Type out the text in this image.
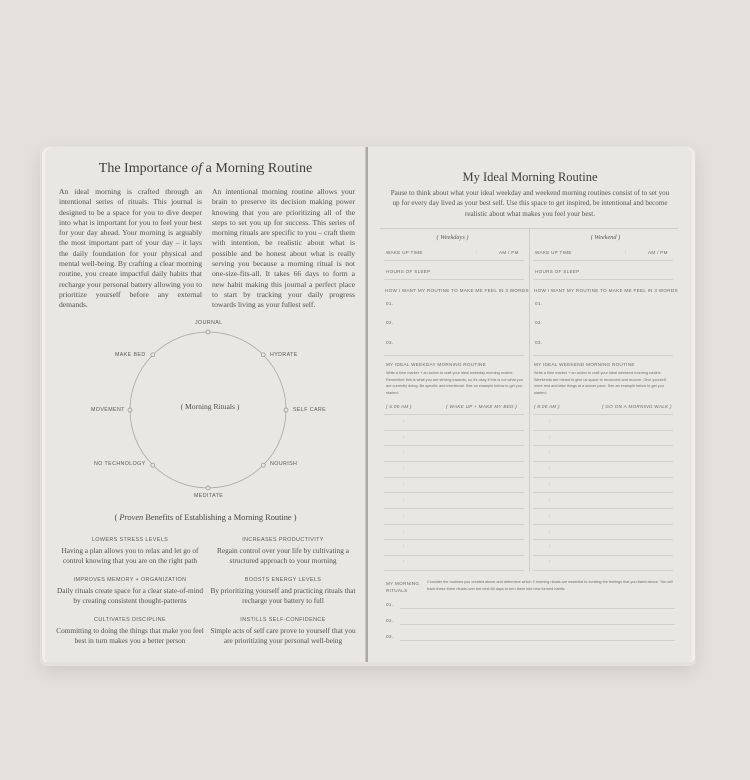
The Importance of a Morning Routine
An ideal morning is crafted through an intentional series of rituals. This journal is designed to be a space for you to dive deeper into what is important for you to feel your best for your day ahead. Your morning is arguably the most important part of your day – it lays the daily foundation for your physical and mental well-being. By crafting a clear morning routine, you create impactful daily habits that recharge your personal battery allowing you to prioritize yourself before any external demands.
An intentional morning routine allows your brain to preserve its decision making power knowing that you are prioritizing all of the steps to set you up for success. This series of morning rituals are specific to you – craft them with intention, be realistic about what is possible and be honest about what is really serving you because a morning ritual is not one-size-fits-all. It takes 66 days to form a new habit making this journal a perfect place to start by tracking your daily progress towards living as your fullest self.
JOURNAL
HYDRATE
SELF CARE
NOURISH
MEDITATE
NO TECHNOLOGY
MOVEMENT
MAKE BED
( Morning Rituals )
( Proven Benefits of Establishing a Morning Routine )
LOWERS STRESS LEVELS
Having a plan allows you to relax and let go of control knowing that you are on the right path
INCREASES PRODUCTIVITY
Regain control over your life by cultivating a structured approach to your morning
IMPROVES MEMORY + ORGANIZATION
Daily rituals create space for a clear state-of-mind by creating consistent thought-patterns
BOOSTS ENERGY LEVELS
By prioritizing yourself and practicing rituals that recharge your battery to full
CULTIVATES DISCIPLINE
Committing to doing the things that make you feel best in turn makes you a better person
INSTILLS SELF-CONFIDENCE
Simple acts of self care prove to yourself that you are prioritizing your personal well-being
My Ideal Morning Routine
Pause to think about what your ideal weekday and weekend morning routines consist of to set you up for every day lived as your best self. Use this space to get inspired, be intentional and become realistic about what makes you feel your best.
( Weekdays )
WAKE UP TIME	:	AM / PM
HOURS OF SLEEP
HOW I WANT MY ROUTINE TO MAKE ME FEEL IN 3 WORDS
01.
02.
03.
MY IDEAL WEEKDAY MORNING ROUTINE
Write a time marker + an action to craft your ideal weekday morning routine. Remember this is what you are striving towards, so it's okay if this is not what you are currently doing. Be specific and intentional. See an example below to get you started:
( 6:00 AM )	( WAKE UP + MAKE MY BED )
( Weekend )
WAKE UP TIME	:	AM / PM
HOURS OF SLEEP
HOW I WANT MY ROUTINE TO MAKE ME FEEL IN 3 WORDS
01.
02.
03.
MY IDEAL WEEKEND MORNING ROUTINE
Write a time marker + an action to craft your ideal weekend morning routine. Weekends are meant to give us space to reconnect and recover. Give yourself more rest and take things at a slower pace. See an example below to get you started:
( 8:00 AM )	( GO ON A MORNING WALK )
:
:
:
:
:
:
:
:
:
:
:
:
:
:
:
:
:
:
:
:
MY MORNING RITUALS
Consider the routines you created above and determine which 3 morning rituals are essential to evoking the feelings that you listed above. You will track these three rituals over the next 66 days to turn them into new formed habits.
01.
02.
03.
